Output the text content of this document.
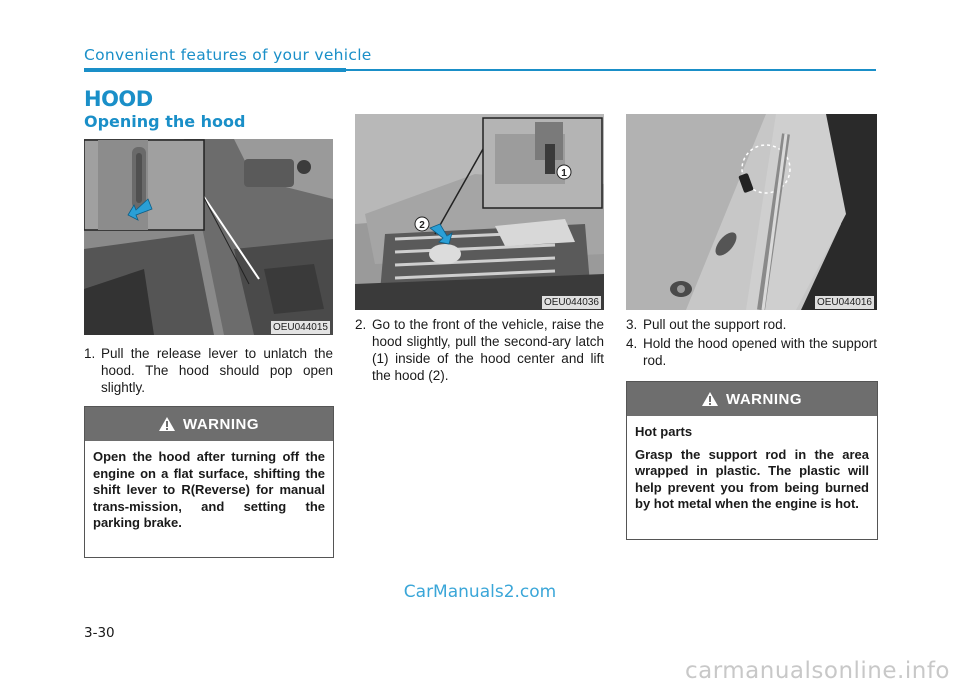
Convenient features of your vehicle
HOOD
Opening the hood
OEU044015
1
2
OEU044036	OEU044016
1. Pull the release lever to unlatch the hood. The hood should pop open slightly.
2. Go to the front of the vehicle, raise the hood slightly, pull the second-ary latch (1) inside of the hood center and lift the hood (2).
3. Pull out the support rod.
4. Hold the hood opened with the support rod.
WARNING

Open the hood after turning off the engine on a flat surface, shifting the shift lever to R(Reverse) for manual trans-mission, and setting the parking brake.

WARNING

Hot parts

Grasp the support rod in the area wrapped in plastic. The plastic will help prevent you from being burned by hot metal when the engine is hot.

CarManuals2.com
3-30
carmanualsonline.info
